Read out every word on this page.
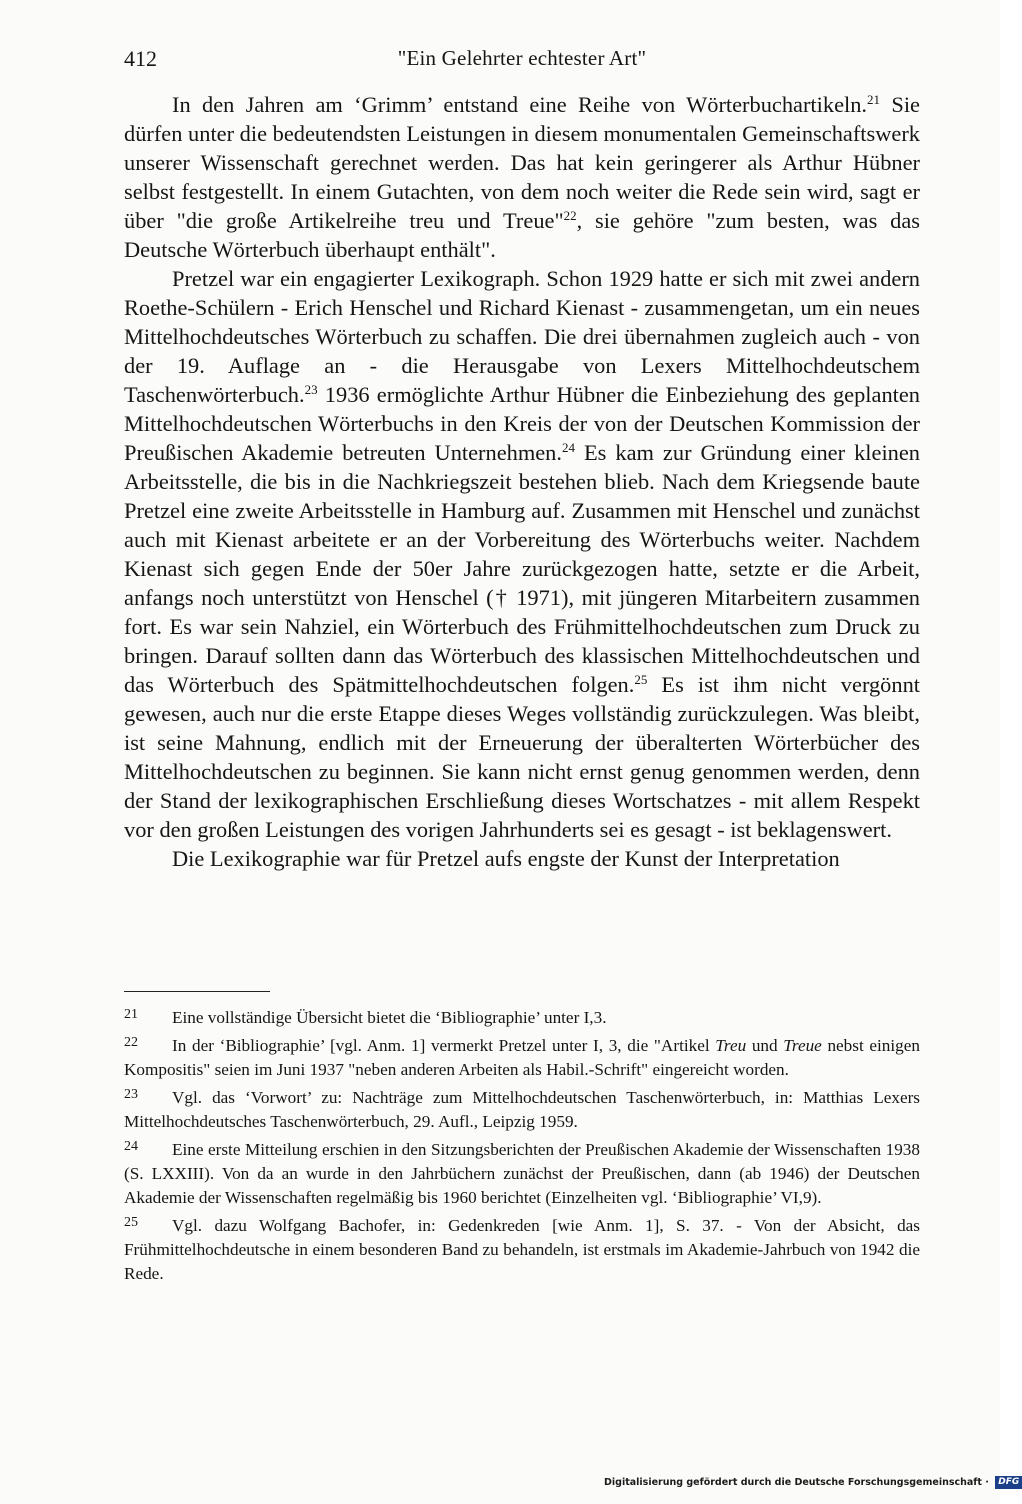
412	"Ein Gelehrter echtester Art"

In den Jahren am ‘Grimm’ entstand eine Reihe von Wörterbuchartikeln.$^{21}$ Sie dürfen unter die bedeutendsten Leistungen in diesem monumentalen Gemeinschaftswerk unserer Wissenschaft gerechnet werden. Das hat kein geringerer als Arthur Hübner selbst festgestellt. In einem Gutachten, von dem noch weiter die Rede sein wird, sagt er über "die große Artikelreihe treu und Treue"$^{22}$, sie gehöre "zum besten, was das Deutsche Wörterbuch überhaupt enthält".

Pretzel war ein engagierter Lexikograph. Schon 1929 hatte er sich mit zwei andern Roethe-Schülern - Erich Henschel und Richard Kienast - zusammengetan, um ein neues Mittelhochdeutsches Wörterbuch zu schaffen. Die drei übernahmen zugleich auch - von der 19. Auflage an - die Herausgabe von Lexers Mittelhochdeutschem Taschenwörterbuch.$^{23}$ 1936 ermöglichte Arthur Hübner die Einbeziehung des geplanten Mittelhochdeutschen Wörterbuchs in den Kreis der von der Deutschen Kommission der Preußischen Akademie betreuten Unternehmen.$^{24}$ Es kam zur Gründung einer kleinen Arbeitsstelle, die bis in die Nachkriegszeit bestehen blieb. Nach dem Kriegsende baute Pretzel eine zweite Arbeitsstelle in Hamburg auf. Zusammen mit Henschel und zunächst auch mit Kienast arbeitete er an der Vorbereitung des Wörterbuchs weiter. Nachdem Kienast sich gegen Ende der 50er Jahre zurückgezogen hatte, setzte er die Arbeit, anfangs noch unterstützt von Henschel († 1971), mit jüngeren Mitarbeitern zusammen fort. Es war sein Nahziel, ein Wörterbuch des Frühmittelhochdeutschen zum Druck zu bringen. Darauf sollten dann das Wörterbuch des klassischen Mittelhochdeutschen und das Wörterbuch des Spätmittelhochdeutschen folgen.$^{25}$ Es ist ihm nicht vergönnt gewesen, auch nur die erste Etappe dieses Weges vollständig zurückzulegen. Was bleibt, ist seine Mahnung, endlich mit der Erneuerung der überalterten Wörterbücher des Mittelhochdeutschen zu beginnen. Sie kann nicht ernst genug genommen werden, denn der Stand der lexikographischen Erschließung dieses Wortschatzes - mit allem Respekt vor den großen Leistungen des vorigen Jahrhunderts sei es gesagt - ist beklagenswert.

Die Lexikographie war für Pretzel aufs engste der Kunst der Interpretation

21 Eine vollständige Übersicht bietet die ‘Bibliographie’ unter I,3.

22 In der ‘Bibliographie’ [vgl. Anm. 1] vermerkt Pretzel unter I, 3, die "Artikel Treu und Treue nebst einigen Kompositis" seien im Juni 1937 "neben anderen Arbeiten als Habil.-Schrift" eingereicht worden.

23 Vgl. das ‘Vorwort’ zu: Nachträge zum Mittelhochdeutschen Taschenwörterbuch, in: Matthias Lexers Mittelhochdeutsches Taschenwörterbuch, 29. Aufl., Leipzig 1959.

24 Eine erste Mitteilung erschien in den Sitzungsberichten der Preußischen Akademie der Wissenschaften 1938 (S. LXXIII). Von da an wurde in den Jahrbüchern zunächst der Preußischen, dann (ab 1946) der Deutschen Akademie der Wissenschaften regelmäßig bis 1960 berichtet (Einzelheiten vgl. ‘Bibliographie’ VI,9).

25 Vgl. dazu Wolfgang Bachofer, in: Gedenkreden [wie Anm. 1], S. 37. - Von der Absicht, das Frühmittelhochdeutsche in einem besonderen Band zu behandeln, ist erstmals im Akademie-Jahrbuch von 1942 die Rede.

Digitalisierung gefördert durch die Deutsche Forschungsgemeinschaft · DFG
